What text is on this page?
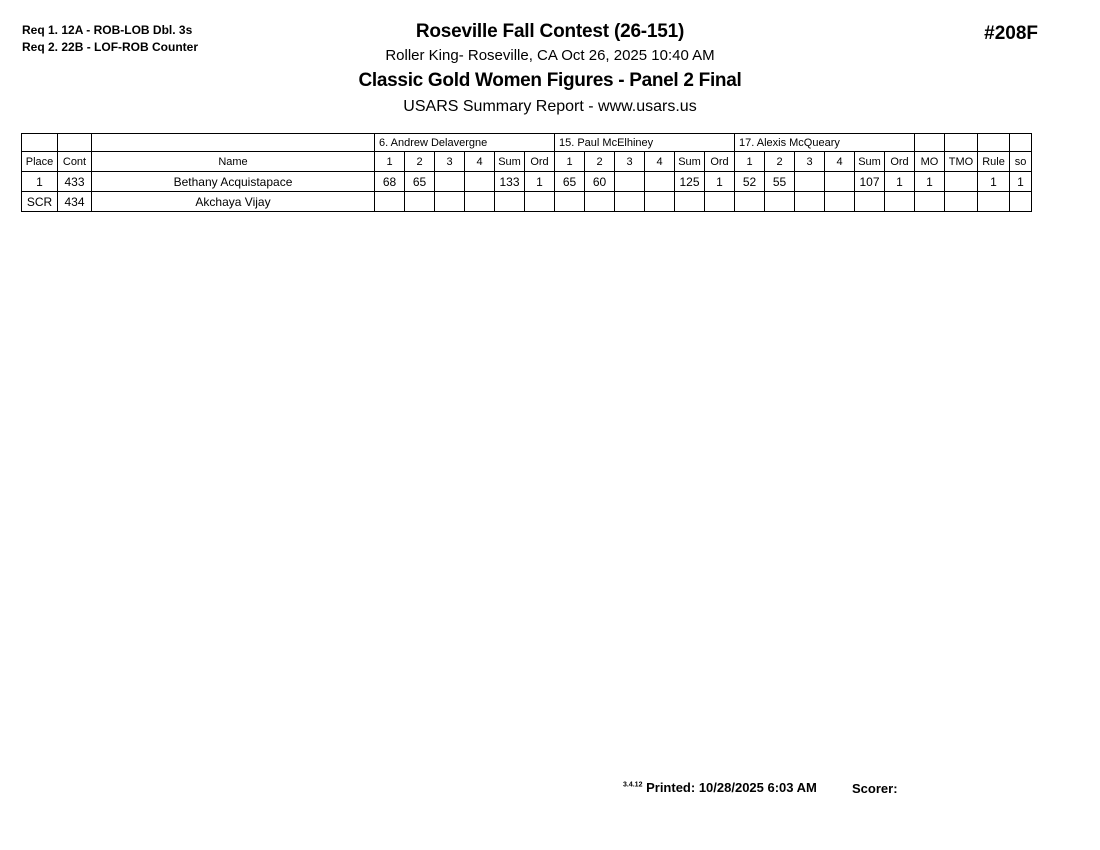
Req 1. 12A - ROB-LOB Dbl. 3s
Req 2. 22B - LOF-ROB Counter
Roseville Fall Contest (26-151)
Roller King- Roseville, CA Oct 26, 2025 10:40 AM
Classic Gold Women Figures - Panel 2 Final
USARS Summary Report - www.usars.us
#208F
			6. Andrew Delavergne						15. Paul McElhiney						17. Alexis McQueary									
Place	Cont	Name	1	2	3	4	Sum	Ord	1	2	3	4	Sum	Ord	1	2	3	4	Sum	Ord	MO	TMO	Rule	so
1	433	Bethany Acquistapace	68	65			133	1	65	60			125	1	52	55			107	1	1		1	1
SCR	434	Akchaya Vijay																						
$^{3.4.12}$ Printed: 10/28/2025 6:03 AM	Scorer:
